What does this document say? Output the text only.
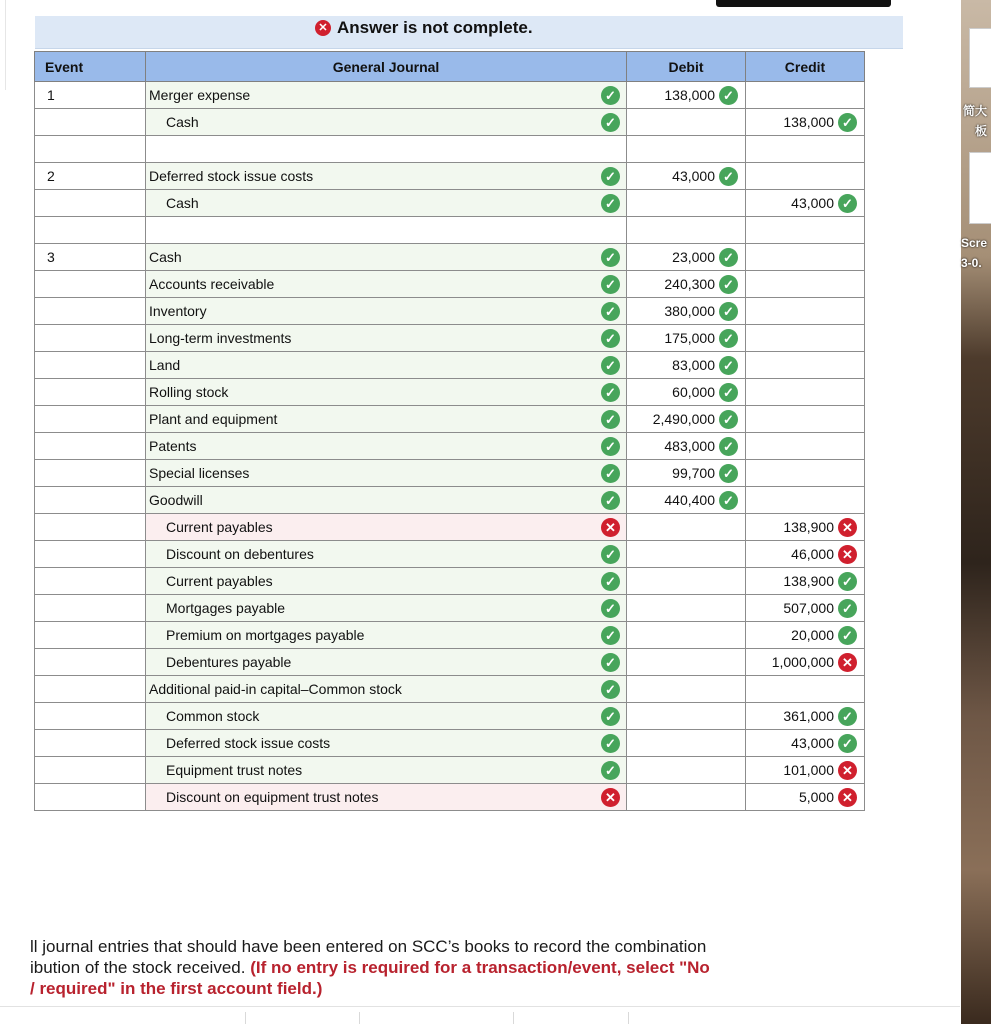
✕ Answer is not complete.
Event	General Journal	Debit	Credit
1	Merger expense ✓	138,000 ✓	

	Cash ✓		138,000 ✓

2	Deferred stock issue costs ✓	43,000 ✓	

	Cash ✓		43,000 ✓

3	Cash ✓	23,000 ✓	

	Accounts receivable ✓	240,300 ✓	

	Inventory ✓	380,000 ✓	

	Long-term investments ✓	175,000 ✓	

	Land ✓	83,000 ✓	

	Rolling stock ✓	60,000 ✓	

	Plant and equipment ✓	2,490,000 ✓	

	Patents ✓	483,000 ✓	

	Special licenses ✓	99,700 ✓	

	Goodwill ✓	440,400 ✓	

	Current payables ✕		138,900 ✕

	Discount on debentures ✓		46,000 ✕

	Current payables ✓		138,900 ✓

	Mortgages payable ✓		507,000 ✓

	Premium on mortgages payable ✓		20,000 ✓

	Debentures payable ✓		1,000,000 ✕

	Additional paid-in capital–Common stock ✓		

	Common stock ✓		361,000 ✓

	Deferred stock issue costs ✓		43,000 ✓

	Equipment trust notes ✓		101,000 ✕

	Discount on equipment trust notes ✕		5,000 ✕
ll journal entries that should have been entered on SCC’s books to record the combination
ibution of the stock received. (If no entry is required for a transaction/event, select "No
/ required" in the first account field.)
简大
板
Scre
3-0.
